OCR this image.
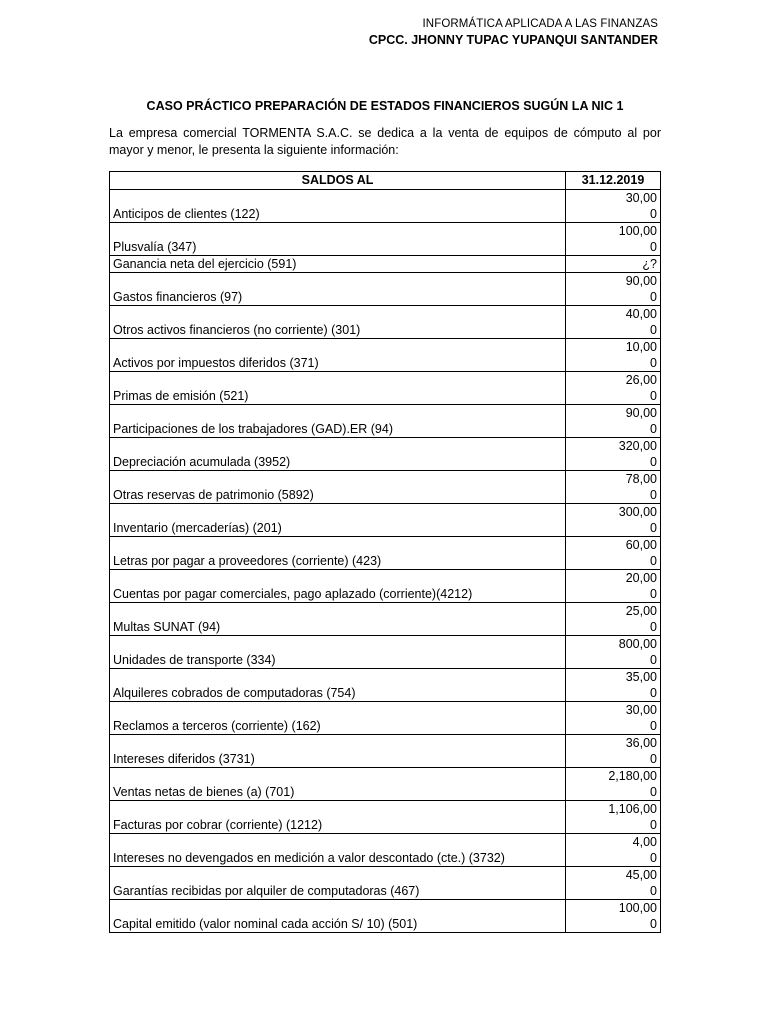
INFORMÁTICA APLICADA A LAS FINANZAS
CPCC. JHONNY TUPAC YUPANQUI SANTANDER
CASO PRÁCTICO PREPARACIÓN DE ESTADOS FINANCIEROS SUGÚN LA NIC 1
La empresa comercial TORMENTA S.A.C. se dedica a la venta de equipos de cómputo al por mayor y menor, le presenta la siguiente información:
SALDOS AL	31.12.2019
Anticipos de clientes (122)	30,00
0

Plusvalía (347)	100,00
0

Ganancia neta del ejercicio (591)	¿?

Gastos financieros (97)	90,00
0

Otros activos financieros (no corriente) (301)	40,00
0

Activos por impuestos diferidos (371)	10,00
0

Primas de emisión (521)	26,00
0

Participaciones de los trabajadores (GAD).ER (94)	90,00
0

Depreciación acumulada (3952)	320,00
0

Otras reservas de patrimonio (5892)	78,00
0

Inventario (mercaderías) (201)	300,00
0

Letras por pagar a proveedores (corriente) (423)	60,00
0

Cuentas por pagar comerciales, pago aplazado (corriente)(4212)	20,00
0

Multas SUNAT (94)	25,00
0

Unidades de transporte (334)	800,00
0

Alquileres cobrados de computadoras (754)	35,00
0

Reclamos a terceros (corriente) (162)	30,00
0

Intereses diferidos (3731)	36,00
0

Ventas netas de bienes (a) (701)	2,180,00
0

Facturas por cobrar (corriente) (1212)	1,106,00
0

Intereses no devengados en medición a valor descontado (cte.) (3732)	4,00
0

Garantías recibidas por alquiler de computadoras (467)	45,00
0

Capital emitido (valor nominal cada acción S/ 10) (501)	100,00
0
